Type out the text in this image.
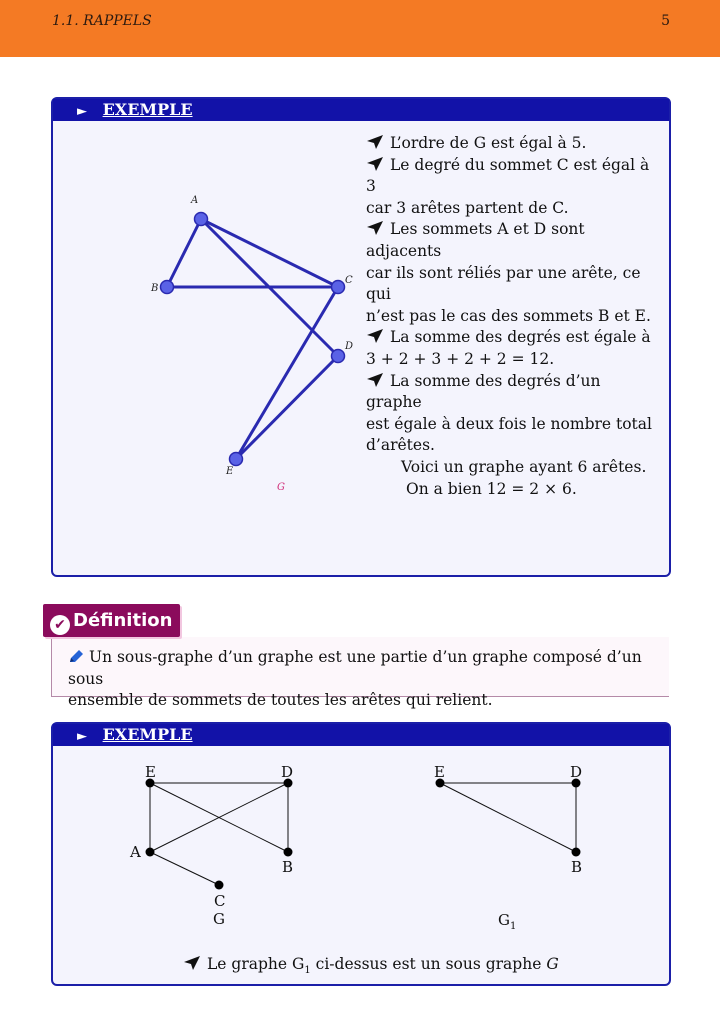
1.1. RAPPELS	5
► EXEMPLE
A
B
C
D
E
G
L’ordre de G est égal à 5.
Le degré du sommet C est égal à 3
car 3 arêtes partent de C.
Les sommets A et D sont adjacents
car ils sont réliés par une arête, ce qui
n’est pas le cas des sommets B et E.
La somme des degrés est égale à
3 + 2 + 3 + 2 + 2 = 12.
La somme des degrés d’un graphe
est égale à deux fois le nombre total
d’arêtes.
Voici un graphe ayant 6 arêtes.
On a bien 12 = 2 × 6.

Un sous-graphe d’un graphe est une partie d’un graphe composé d’un sous
ensemble de sommets de toutes les arêtes qui relient.
✔ Définition
► EXEMPLE
E	D
A
B
C
G
E	D
B
G 1
Le graphe $G_1$ ci-dessus est un sous graphe G
